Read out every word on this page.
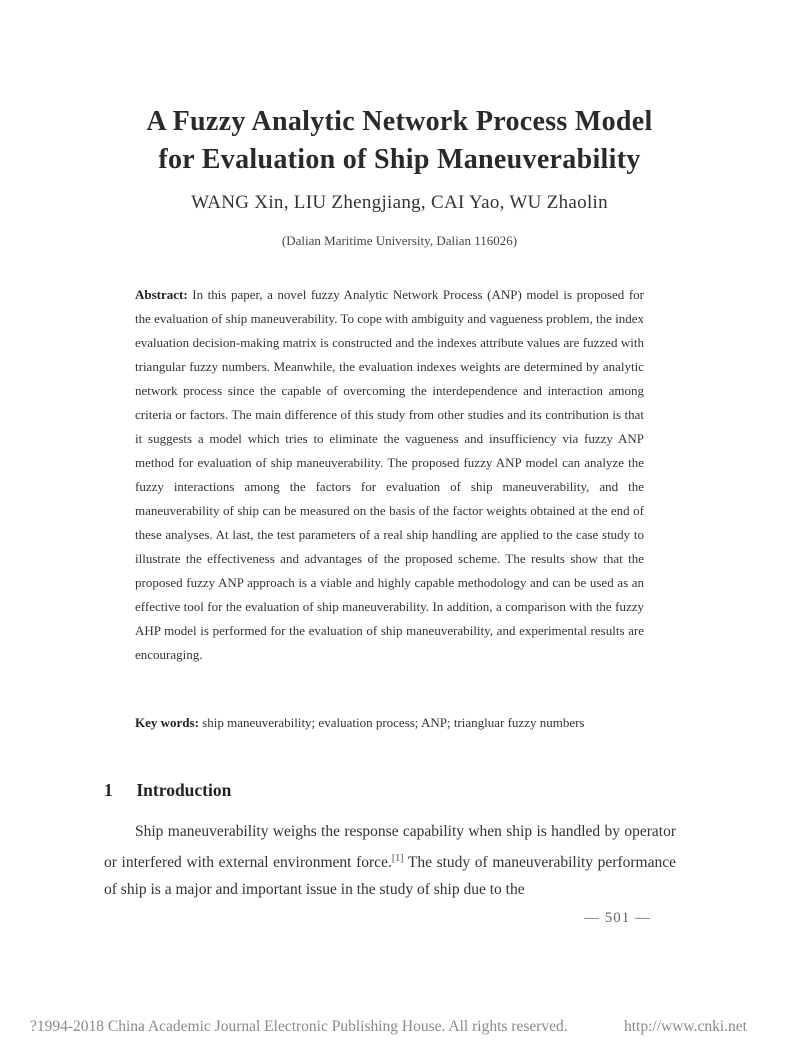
A Fuzzy Analytic Network Process Model
for Evaluation of Ship Maneuverability
WANG Xin, LIU Zhengjiang, CAI Yao, WU Zhaolin
(Dalian Maritime University, Dalian 116026)
Abstract: In this paper, a novel fuzzy Analytic Network Process (ANP) model is proposed for the evaluation of ship maneuverability. To cope with ambiguity and vagueness problem, the index evaluation decision-making matrix is constructed and the indexes attribute values are fuzzed with triangular fuzzy numbers. Meanwhile, the evaluation indexes weights are determined by analytic network process since the capable of overcoming the interdependence and interaction among criteria or factors. The main difference of this study from other studies and its contribution is that it suggests a model which tries to eliminate the vagueness and insufficiency via fuzzy ANP method for evaluation of ship maneuverability. The proposed fuzzy ANP model can analyze the fuzzy interactions among the factors for evaluation of ship maneuverability, and the maneuverability of ship can be measured on the basis of the factor weights obtained at the end of these analyses. At last, the test parameters of a real ship handling are applied to the case study to illustrate the effectiveness and advantages of the proposed scheme. The results show that the proposed fuzzy ANP approach is a viable and highly capable methodology and can be used as an effective tool for the evaluation of ship maneuverability. In addition, a comparison with the fuzzy AHP model is performed for the evaluation of ship maneuverability, and experimental results are encouraging.
Key words: ship maneuverability; evaluation process; ANP; triangluar fuzzy numbers
1 Introduction
Ship maneuverability weighs the response capability when ship is handled by operator or interfered with external environment force.[1] The study of maneuverability performance of ship is a major and important issue in the study of ship due to the
— 501 —
?1994-2018 China Academic Journal Electronic Publishing House. All rights reserved.	http://www.cnki.net
